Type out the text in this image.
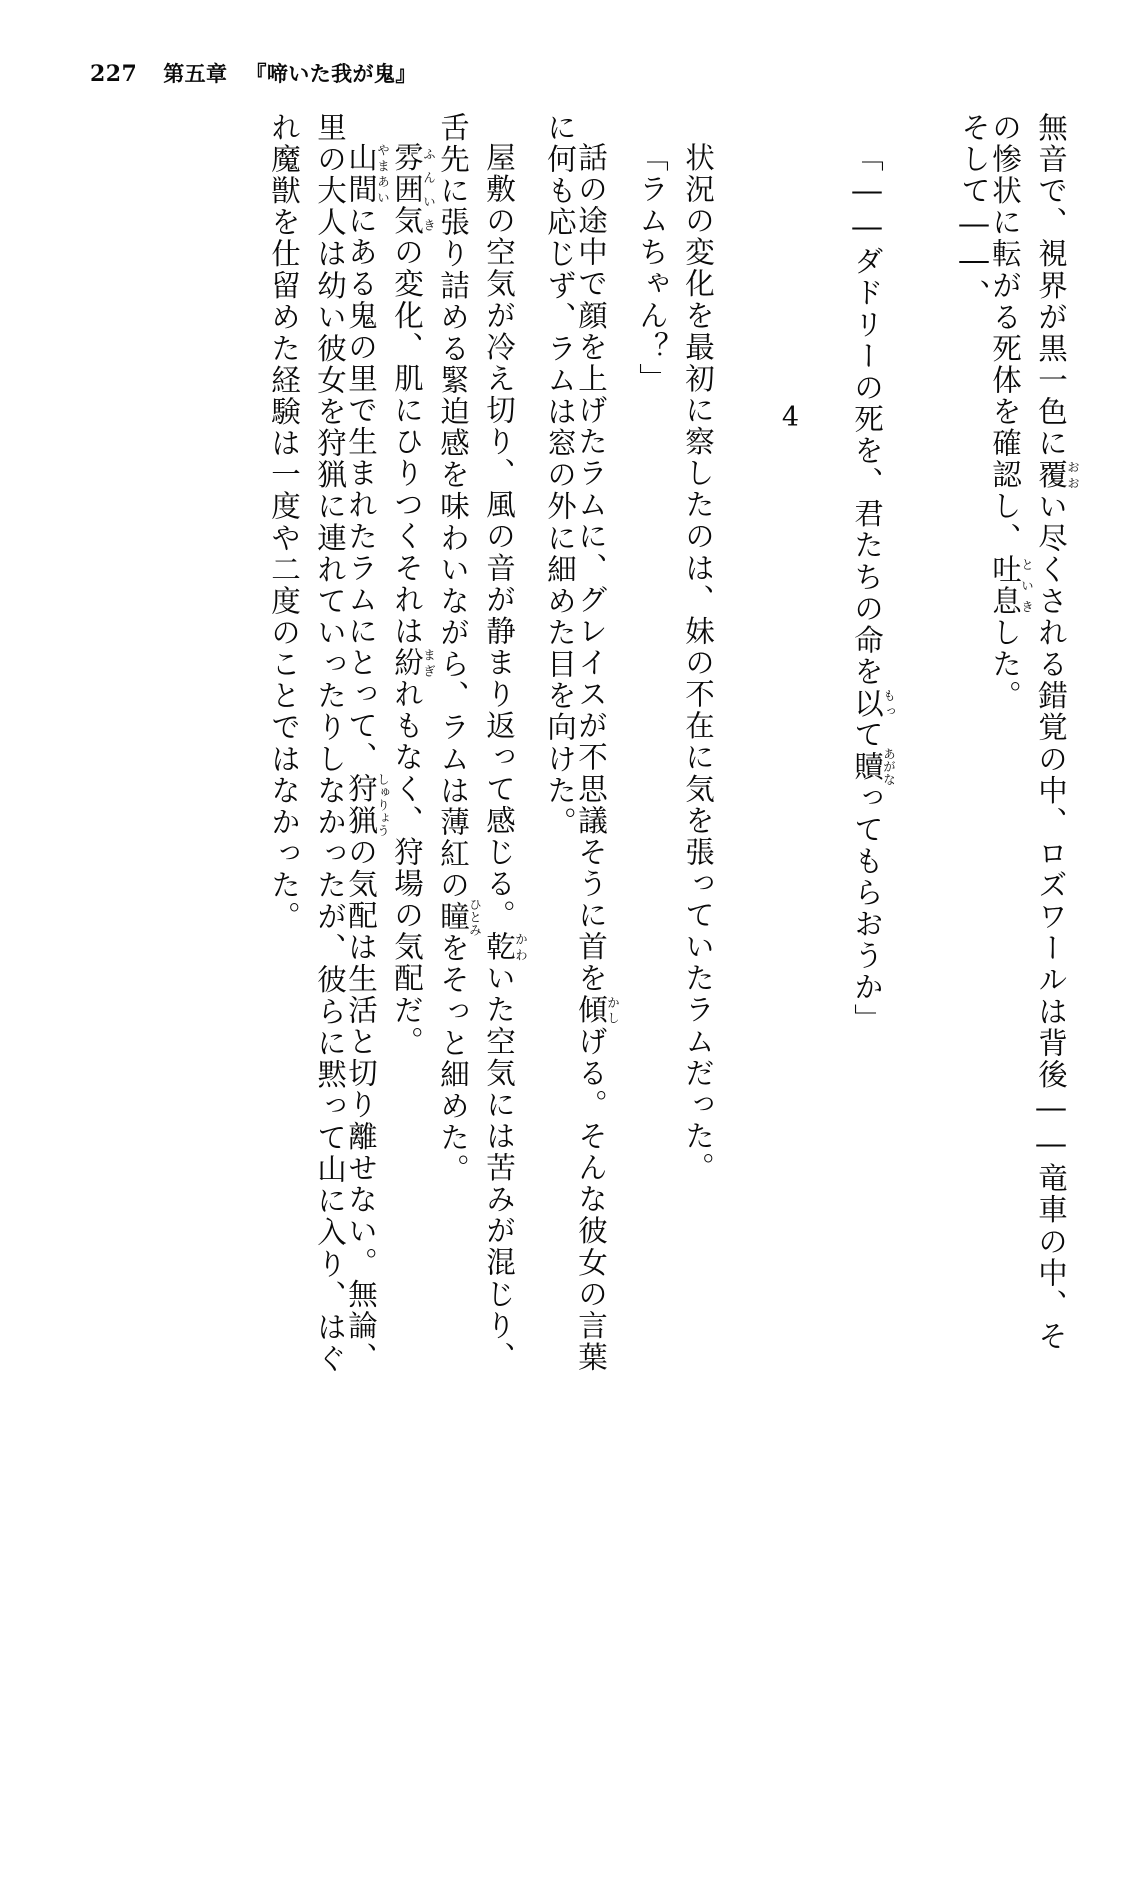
227 第五章 『啼いた我が鬼』
無音で、視界が黒一色に覆おおい尽くされる錯覚の中、ロズワールは背後――竜車の中、そ
の惨状に転がる死体を確認し、吐息といきした。
そして――、
「――ダドリーの死を、君たちの命を以もって贖あがなってもらおうか」
4
状況の変化を最初に察したのは、妹の不在に気を張っていたラムだった。
「ラムちゃん？」
話の途中で顔を上げたラムに、グレイスが不思議そうに首を傾かしげる。そんな彼女の言葉
に何も応じず、ラムは窓の外に細めた目を向けた。
屋敷の空気が冷え切り、風の音が静まり返って感じる。乾かわいた空気には苦みが混じり、
舌先に張り詰める緊迫感を味わいながら、ラムは薄紅の瞳ひとみをそっと細めた。
雰囲気ふんいきの変化、肌にひりつくそれは紛まぎれもなく、狩場の気配だ。
山間やまあいにある鬼の里で生まれたラムにとって、狩猟しゅりょうの気配は生活と切り離せない。無論、
里の大人は幼い彼女を狩猟に連れていったりしなかったが、彼らに黙って山に入り、はぐ
れ魔獣を仕留めた経験は一度や二度のことではなかった。
